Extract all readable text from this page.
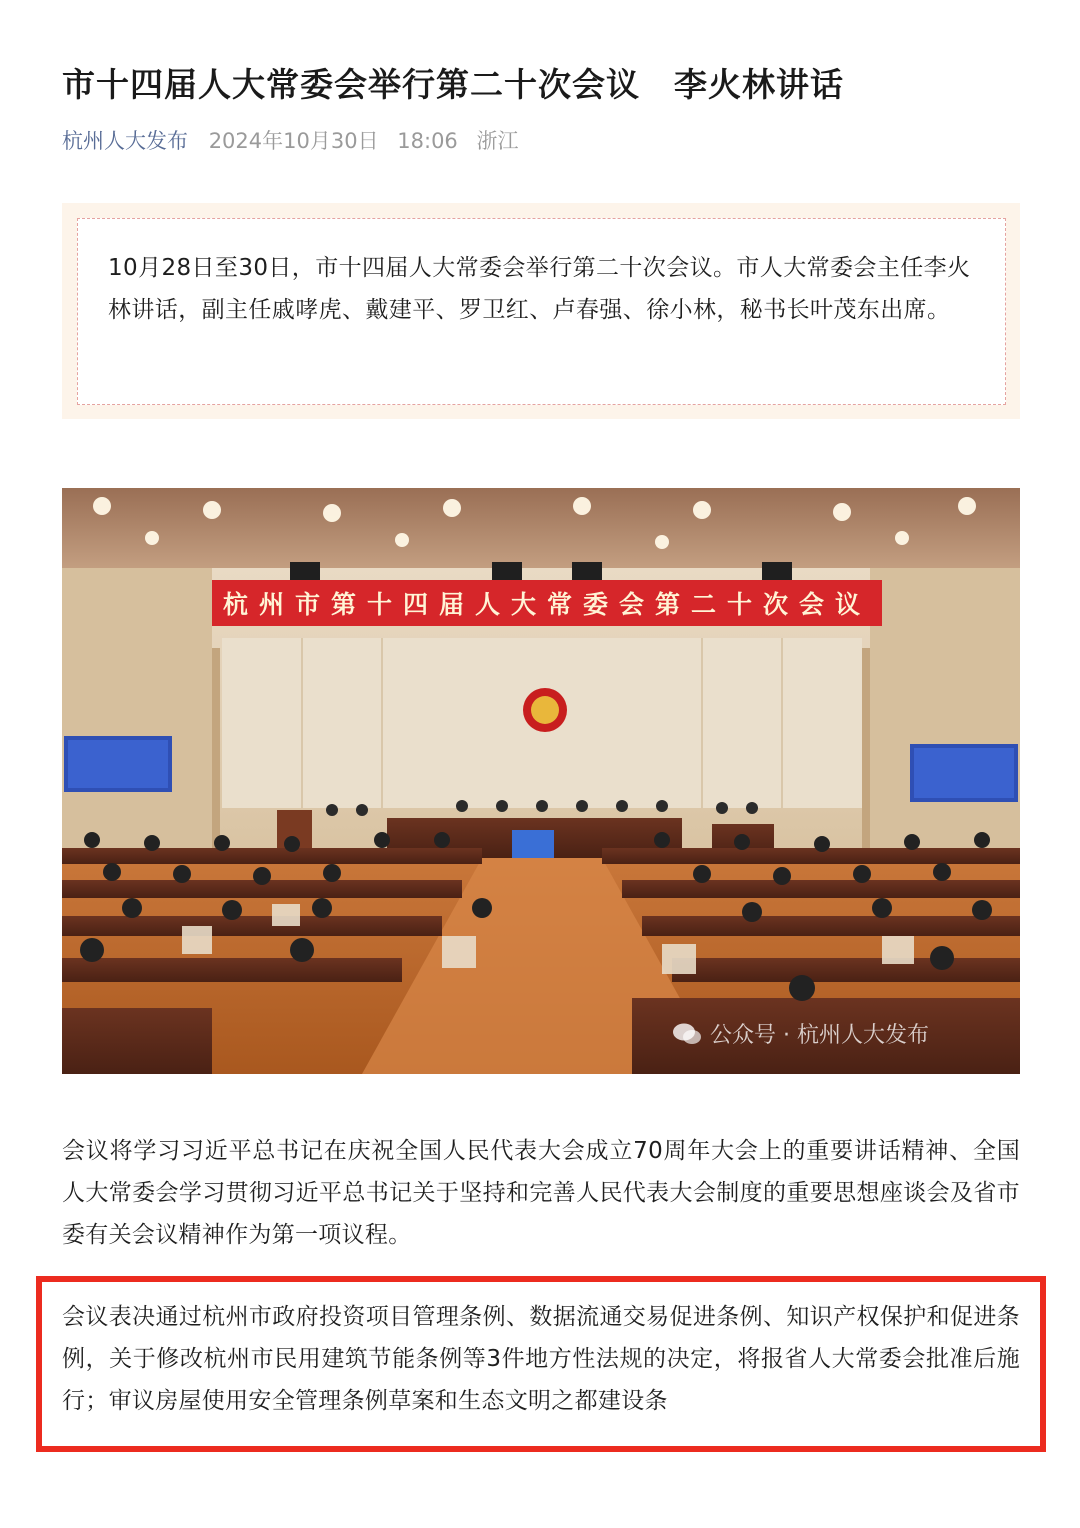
市十四届人大常委会举行第二十次会议　李火林讲话
杭州人大发布 2024年10月30日 18:06 浙江

10月28日至30日，市十四届人大常委会举行第二十次会议。市人大常委会主任李火林讲话，副主任戚哮虎、戴建平、罗卫红、卢春强、徐小林，秘书长叶茂东出席。

杭州市第十四届人大常委会第二十次会议
公众号 · 杭州人大发布

会议将学习习近平总书记在庆祝全国人民代表大会成立70周年大会上的重要讲话精神、全国人大常委会学习贯彻习近平总书记关于坚持和完善人民代表大会制度的重要思想座谈会及省市委有关会议精神作为第一项议程。

会议表决通过杭州市政府投资项目管理条例、数据流通交易促进条例、知识产权保护和促进条例，关于修改杭州市民用建筑节能条例等3件地方性法规的决定，将报省人大常委会批准后施行；审议房屋使用安全管理条例草案和生态文明之都建设条
